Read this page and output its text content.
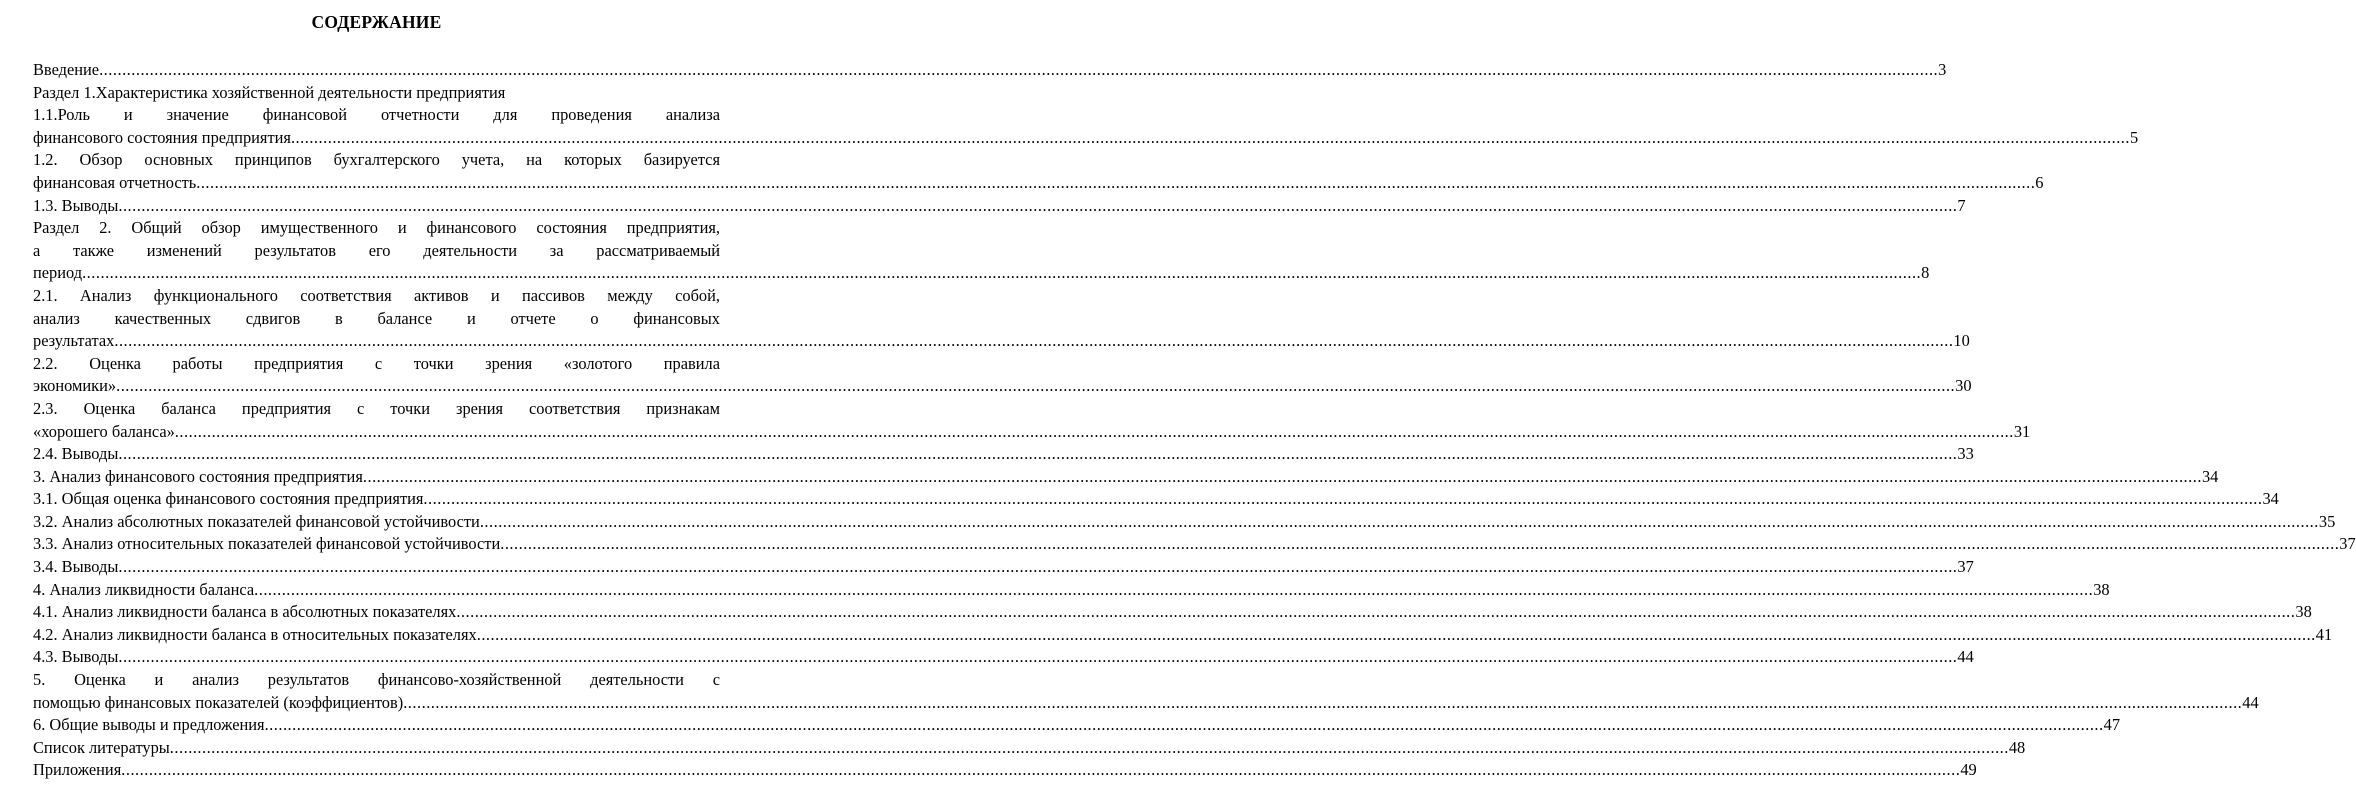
СОДЕРЖАНИЕ
Введение ................................................................................................................................................................................................................................................................................................................................................................................................................ 3
Раздел 1.Характеристика хозяйственной деятельности предприятия
1.1.Роль и значение финансовой отчетности для проведения анализа
финансового состояния предприятия ................................................................................................................................................................................................................................................................................................................................................................................................................ 5
1.2. Обзор основных принципов бухгалтерского учета, на которых базируется
финансовая отчетность ................................................................................................................................................................................................................................................................................................................................................................................................................ 6
1.3. Выводы ................................................................................................................................................................................................................................................................................................................................................................................................................ 7
Раздел 2. Общий обзор имущественного и финансового состояния предприятия,
а также изменений результатов его деятельности за рассматриваемый
период ................................................................................................................................................................................................................................................................................................................................................................................................................ 8
2.1. Анализ функционального соответствия активов и пассивов между собой,
анализ качественных сдвигов в балансе и отчете о финансовых
результатах ................................................................................................................................................................................................................................................................................................................................................................................................................ 10
2.2. Оценка работы предприятия с точки зрения «золотого правила
экономики» ................................................................................................................................................................................................................................................................................................................................................................................................................ 30
2.3. Оценка баланса предприятия с точки зрения соответствия признакам
«хорошего баланса» ................................................................................................................................................................................................................................................................................................................................................................................................................ 31
2.4. Выводы ................................................................................................................................................................................................................................................................................................................................................................................................................ 33
3. Анализ финансового состояния предприятия ................................................................................................................................................................................................................................................................................................................................................................................................................ 34
3.1. Общая оценка финансового состояния предприятия ................................................................................................................................................................................................................................................................................................................................................................................................................ 34
3.2. Анализ абсолютных показателей финансовой устойчивости ................................................................................................................................................................................................................................................................................................................................................................................................................ 35
3.3. Анализ относительных показателей финансовой устойчивости ................................................................................................................................................................................................................................................................................................................................................................................................................ 37
3.4. Выводы ................................................................................................................................................................................................................................................................................................................................................................................................................ 37
4. Анализ ликвидности баланса ................................................................................................................................................................................................................................................................................................................................................................................................................ 38
4.1. Анализ ликвидности баланса в абсолютных показателях ................................................................................................................................................................................................................................................................................................................................................................................................................ 38
4.2. Анализ ликвидности баланса в относительных показателях ................................................................................................................................................................................................................................................................................................................................................................................................................ 41
4.3. Выводы ................................................................................................................................................................................................................................................................................................................................................................................................................ 44
5. Оценка и анализ результатов финансово-хозяйственной деятельности с
помощью финансовых показателей (коэффициентов) ................................................................................................................................................................................................................................................................................................................................................................................................................ 44
6. Общие выводы и предложения ................................................................................................................................................................................................................................................................................................................................................................................................................ 47
Список литературы ................................................................................................................................................................................................................................................................................................................................................................................................................ 48
Приложения ................................................................................................................................................................................................................................................................................................................................................................................................................ 49
